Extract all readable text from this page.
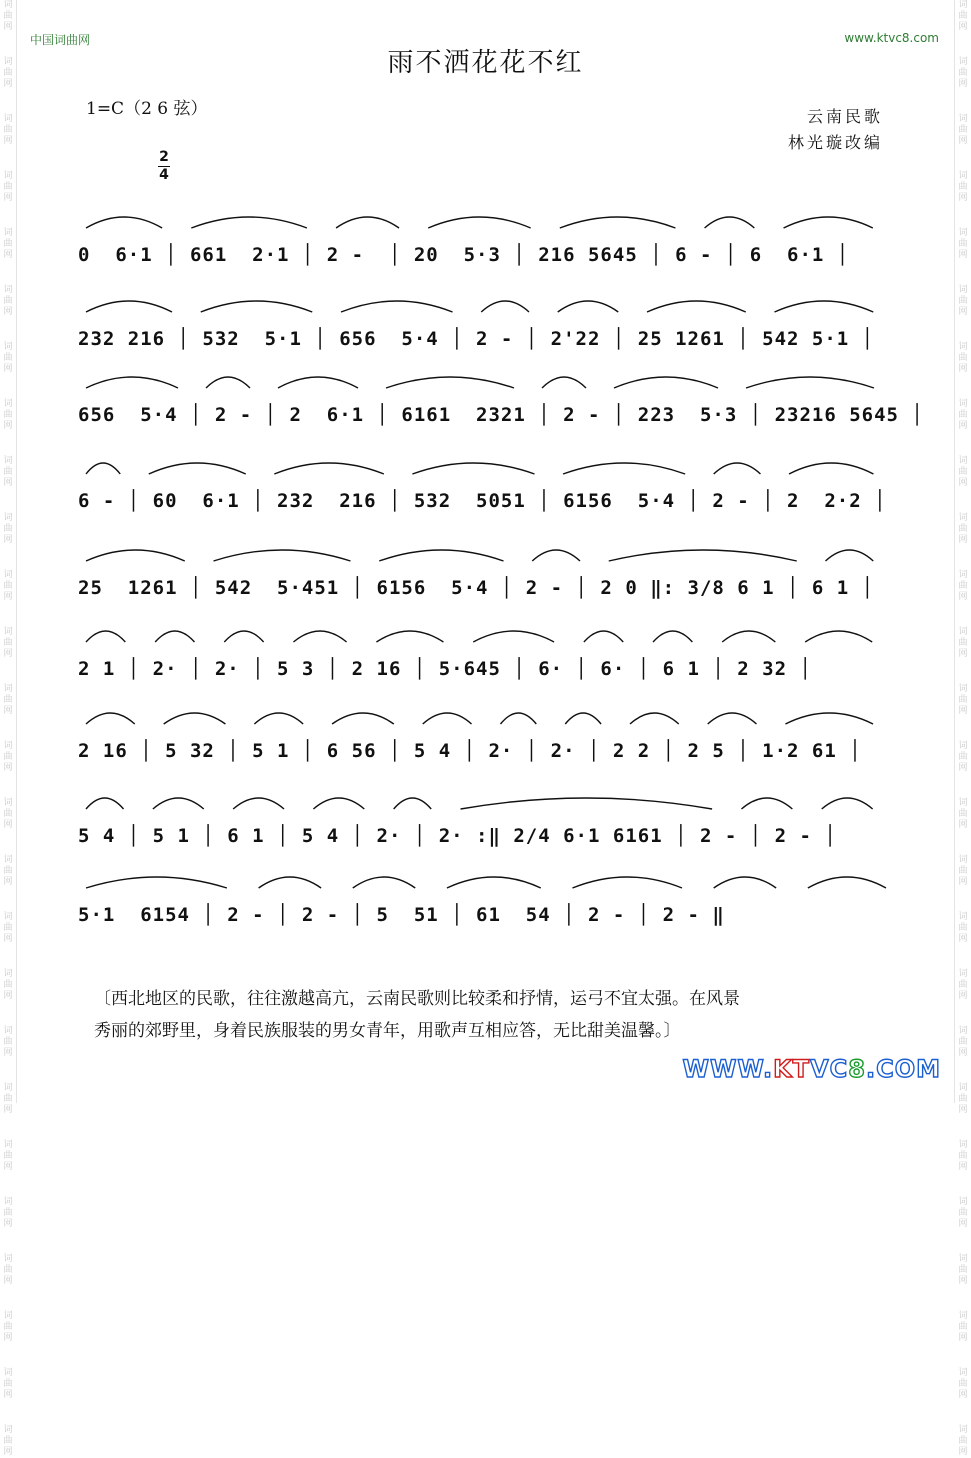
词
曲
网
词
曲
网
词
曲
网
词
曲
网
词
曲
网
词
曲
网
词
曲
网
词
曲
网
词
曲
网
词
曲
网
词
曲
网
词
曲
网
词
曲
网
词
曲
网
词
曲
网
词
曲
网
词
曲
网
词
曲
网
词
曲
网
词
曲
网
词
曲
网
词
曲
网
词
曲
网
词
曲
网
词
曲
网
词
曲
网
词
曲
网
词
曲
网
词
曲
网
词
曲
网
词
曲
网
词
曲
网
词
曲
网
词
曲
网
词
曲
网
词
曲
网
词
曲
网
词
曲
网
词
曲
网
词
曲
网
词
曲
网
词
曲
网
词
曲
网
词
曲
网
词
曲
网
词
曲
网
词
曲
网
词
曲
网
词
曲
网
词
曲
网
词
曲
网
词
曲
网
中国词曲网	www.ktvc8.com
雨不洒花花不红
1=C（2 6 弦）	云南民歌
林光璇改编
2
4
0  6·1 │ 661  2·1 │ 2 -  │ 20  5·3 │ 216 5645 │ 6 - │ 6  6·1 │
232 216 │ 532  5·1 │ 656  5·4 │ 2 - │ 2'22 │ 25 1261 │ 542 5·1 │
656  5·4 │ 2 - │ 2  6·1 │ 6161  2321 │ 2 - │ 223  5·3 │ 23216 5645 │
6 - │ 60  6·1 │ 232  216 │ 532  5051 │ 6156  5·4 │ 2 - │ 2  2·2 │
25  1261 │ 542  5·451 │ 6156  5·4 │ 2 - │ 2 0 ‖: 3/8 6 1 │ 6 1 │
2 1 │ 2· │ 2· │ 5 3 │ 2 16 │ 5·645 │ 6· │ 6· │ 6 1 │ 2 32 │
2 16 │ 5 32 │ 5 1 │ 6 56 │ 5 4 │ 2· │ 2· │ 2 2 │ 2 5 │ 1·2 61 │
5 4 │ 5 1 │ 6 1 │ 5 4 │ 2· │ 2· :‖ 2/4 6·1 6161 │ 2 - │ 2 - │
5·1  6154 │ 2 - │ 2 - │ 5  51 │ 61  54 │ 2 - │ 2 - ‖
〔西北地区的民歌，往往激越高亢，云南民歌则比较柔和抒情，运弓不宜太强。在风景
秀丽的郊野里，身着民族服装的男女青年，用歌声互相应答，无比甜美温馨。〕
WWW.KTVC8.COM
